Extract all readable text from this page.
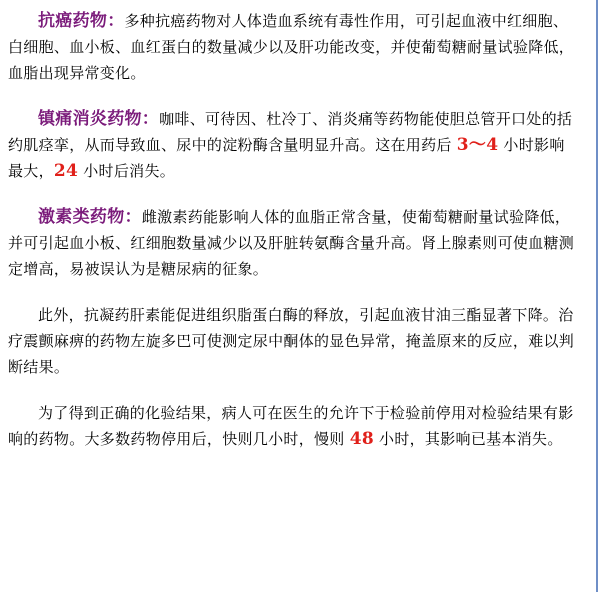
抗癌药物：多种抗癌药物对人体造血系统有毒性作用，可引起血液中红细胞、白细胞、血小板、血红蛋白的数量减少以及肝功能改变，并使葡萄糖耐量试验降低，血脂出现异常变化。

镇痛消炎药物：咖啡、可待因、杜冷丁、消炎痛等药物能使胆总管开口处的括约肌痉挛，从而导致血、尿中的淀粉酶含量明显升高。这在用药后 3～4 小时影响最大，24 小时后消失。

激素类药物：雌激素药能影响人体的血脂正常含量，使葡萄糖耐量试验降低，并可引起血小板、红细胞数量减少以及肝脏转氨酶含量升高。肾上腺素则可使血糖测定增高，易被误认为是糖尿病的征象。

此外，抗凝药肝素能促进组织脂蛋白酶的释放，引起血液甘油三酯显著下降。治疗震颤麻痹的药物左旋多巴可使测定尿中酮体的显色异常，掩盖原来的反应，难以判断结果。

为了得到正确的化验结果，病人可在医生的允许下于检验前停用对检验结果有影响的药物。大多数药物停用后，快则几小时，慢则 48 小时，其影响已基本消失。
